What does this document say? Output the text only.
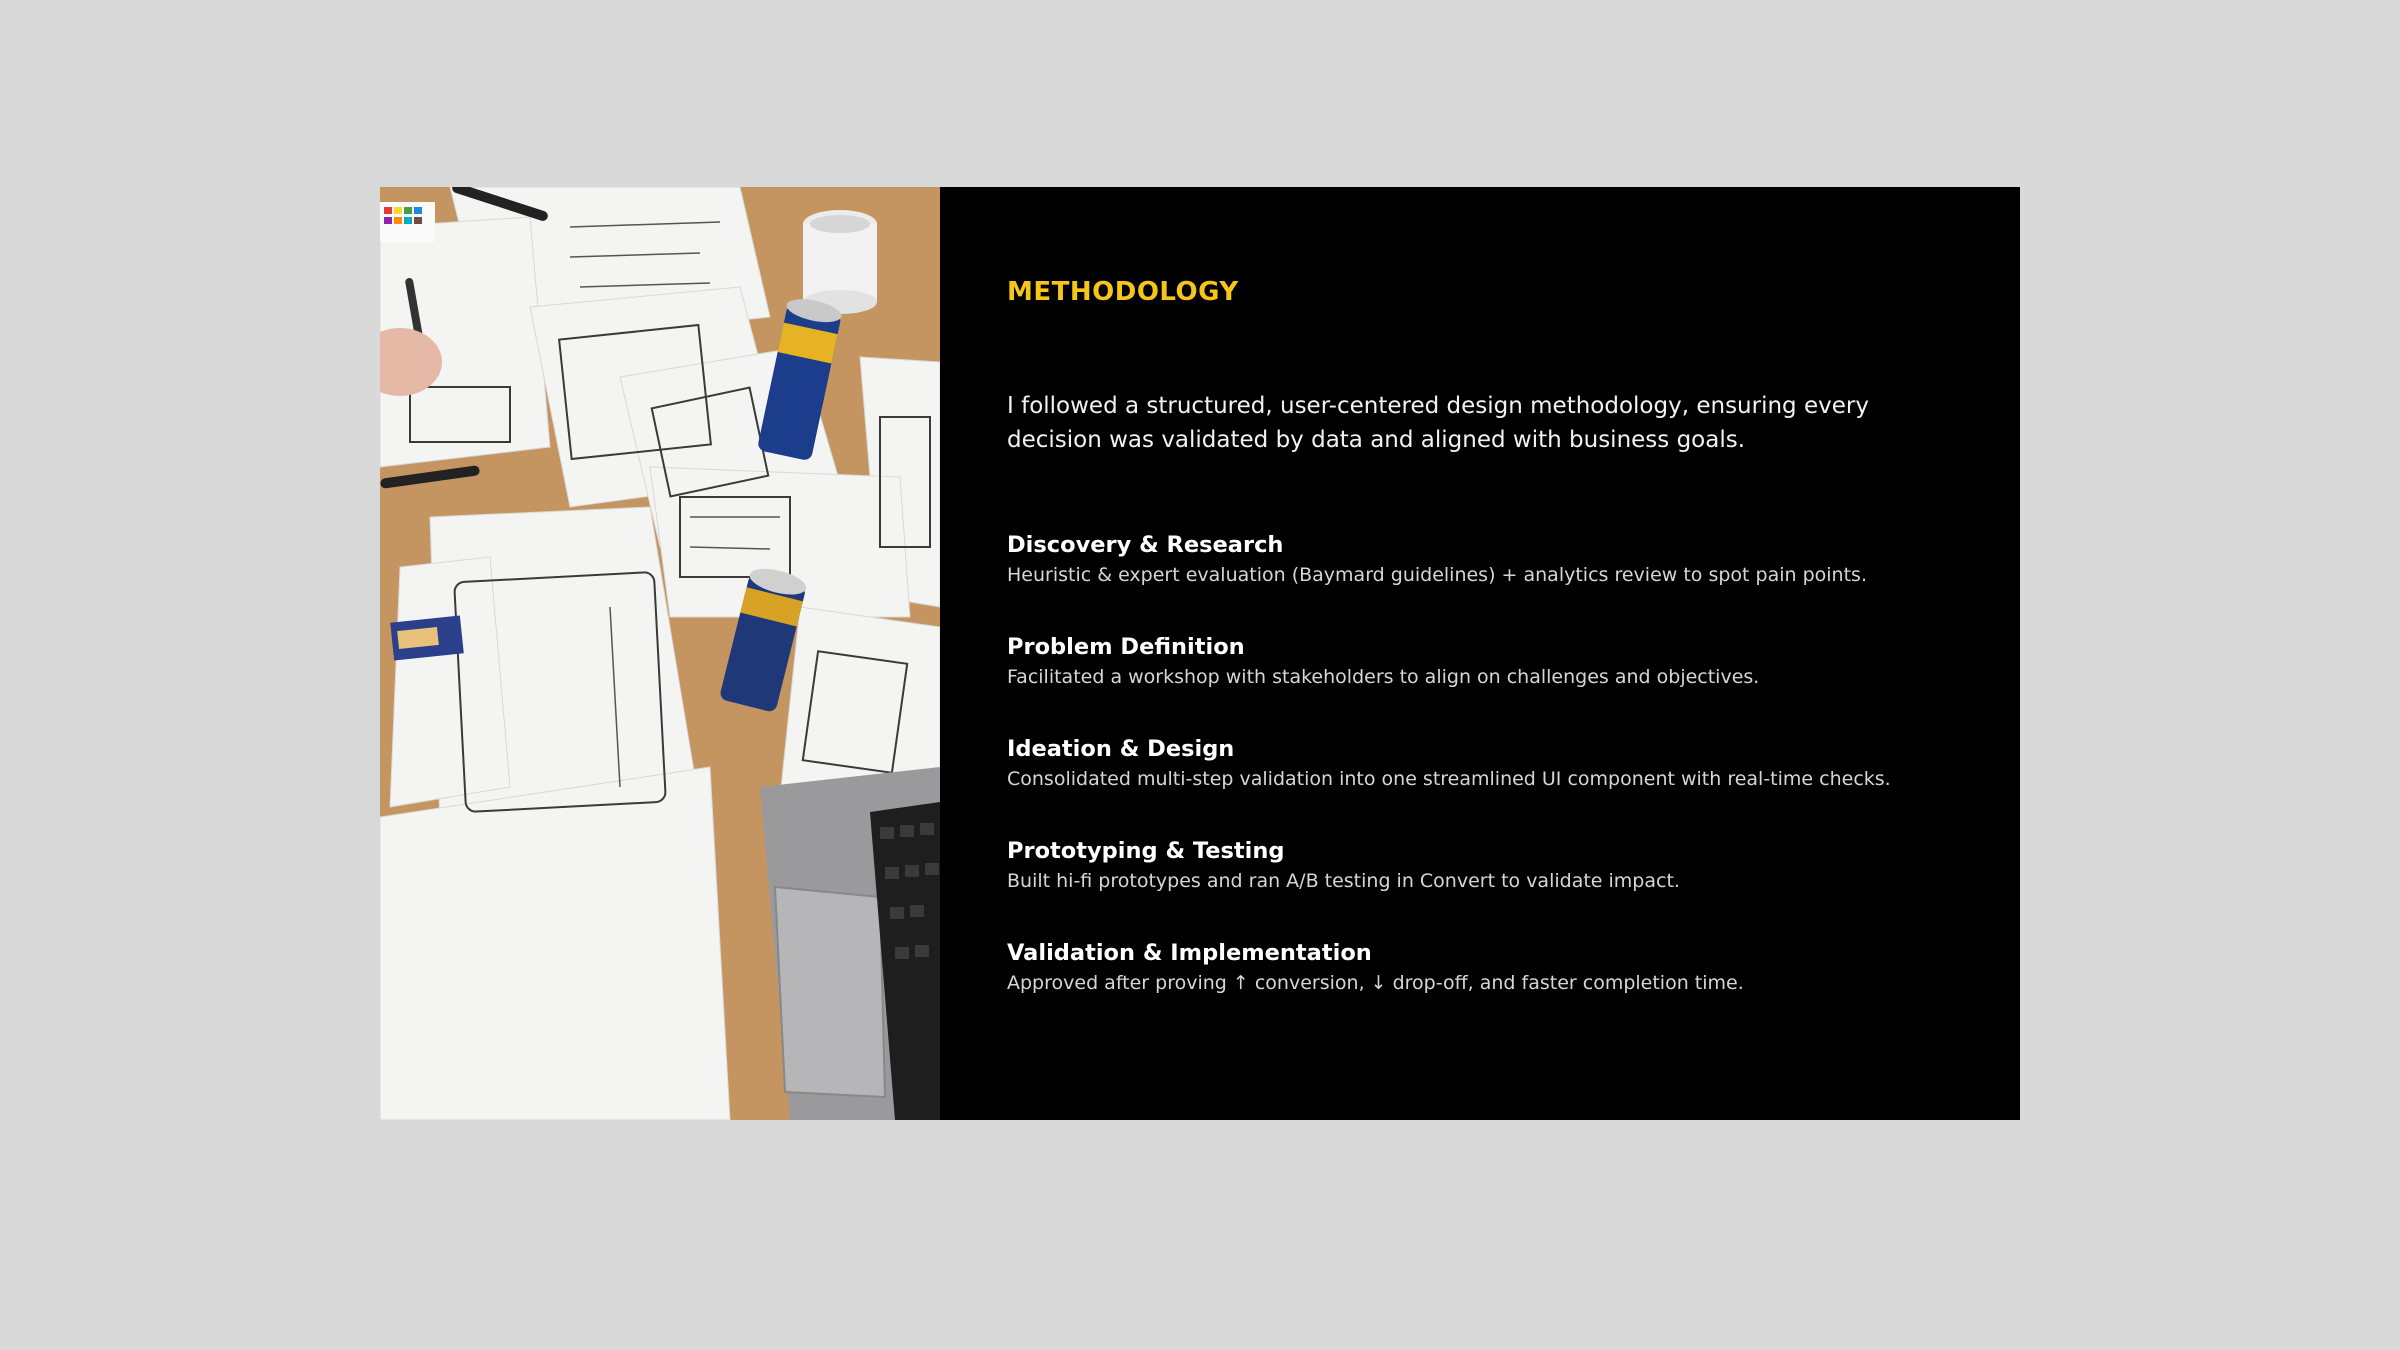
METHODOLOGY

I followed a structured, user-centered design methodology, ensuring every decision was validated by data and aligned with business goals.

Discovery & Research

Heuristic & expert evaluation (Baymard guidelines) + analytics review to spot pain points.

Problem Definition

Facilitated a workshop with stakeholders to align on challenges and objectives.

Ideation & Design

Consolidated multi-step validation into one streamlined UI component with real-time checks.

Prototyping & Testing

Built hi-fi prototypes and ran A/B testing in Convert to validate impact.

Validation & Implementation

Approved after proving ↑ conversion, ↓ drop-off, and faster completion time.
